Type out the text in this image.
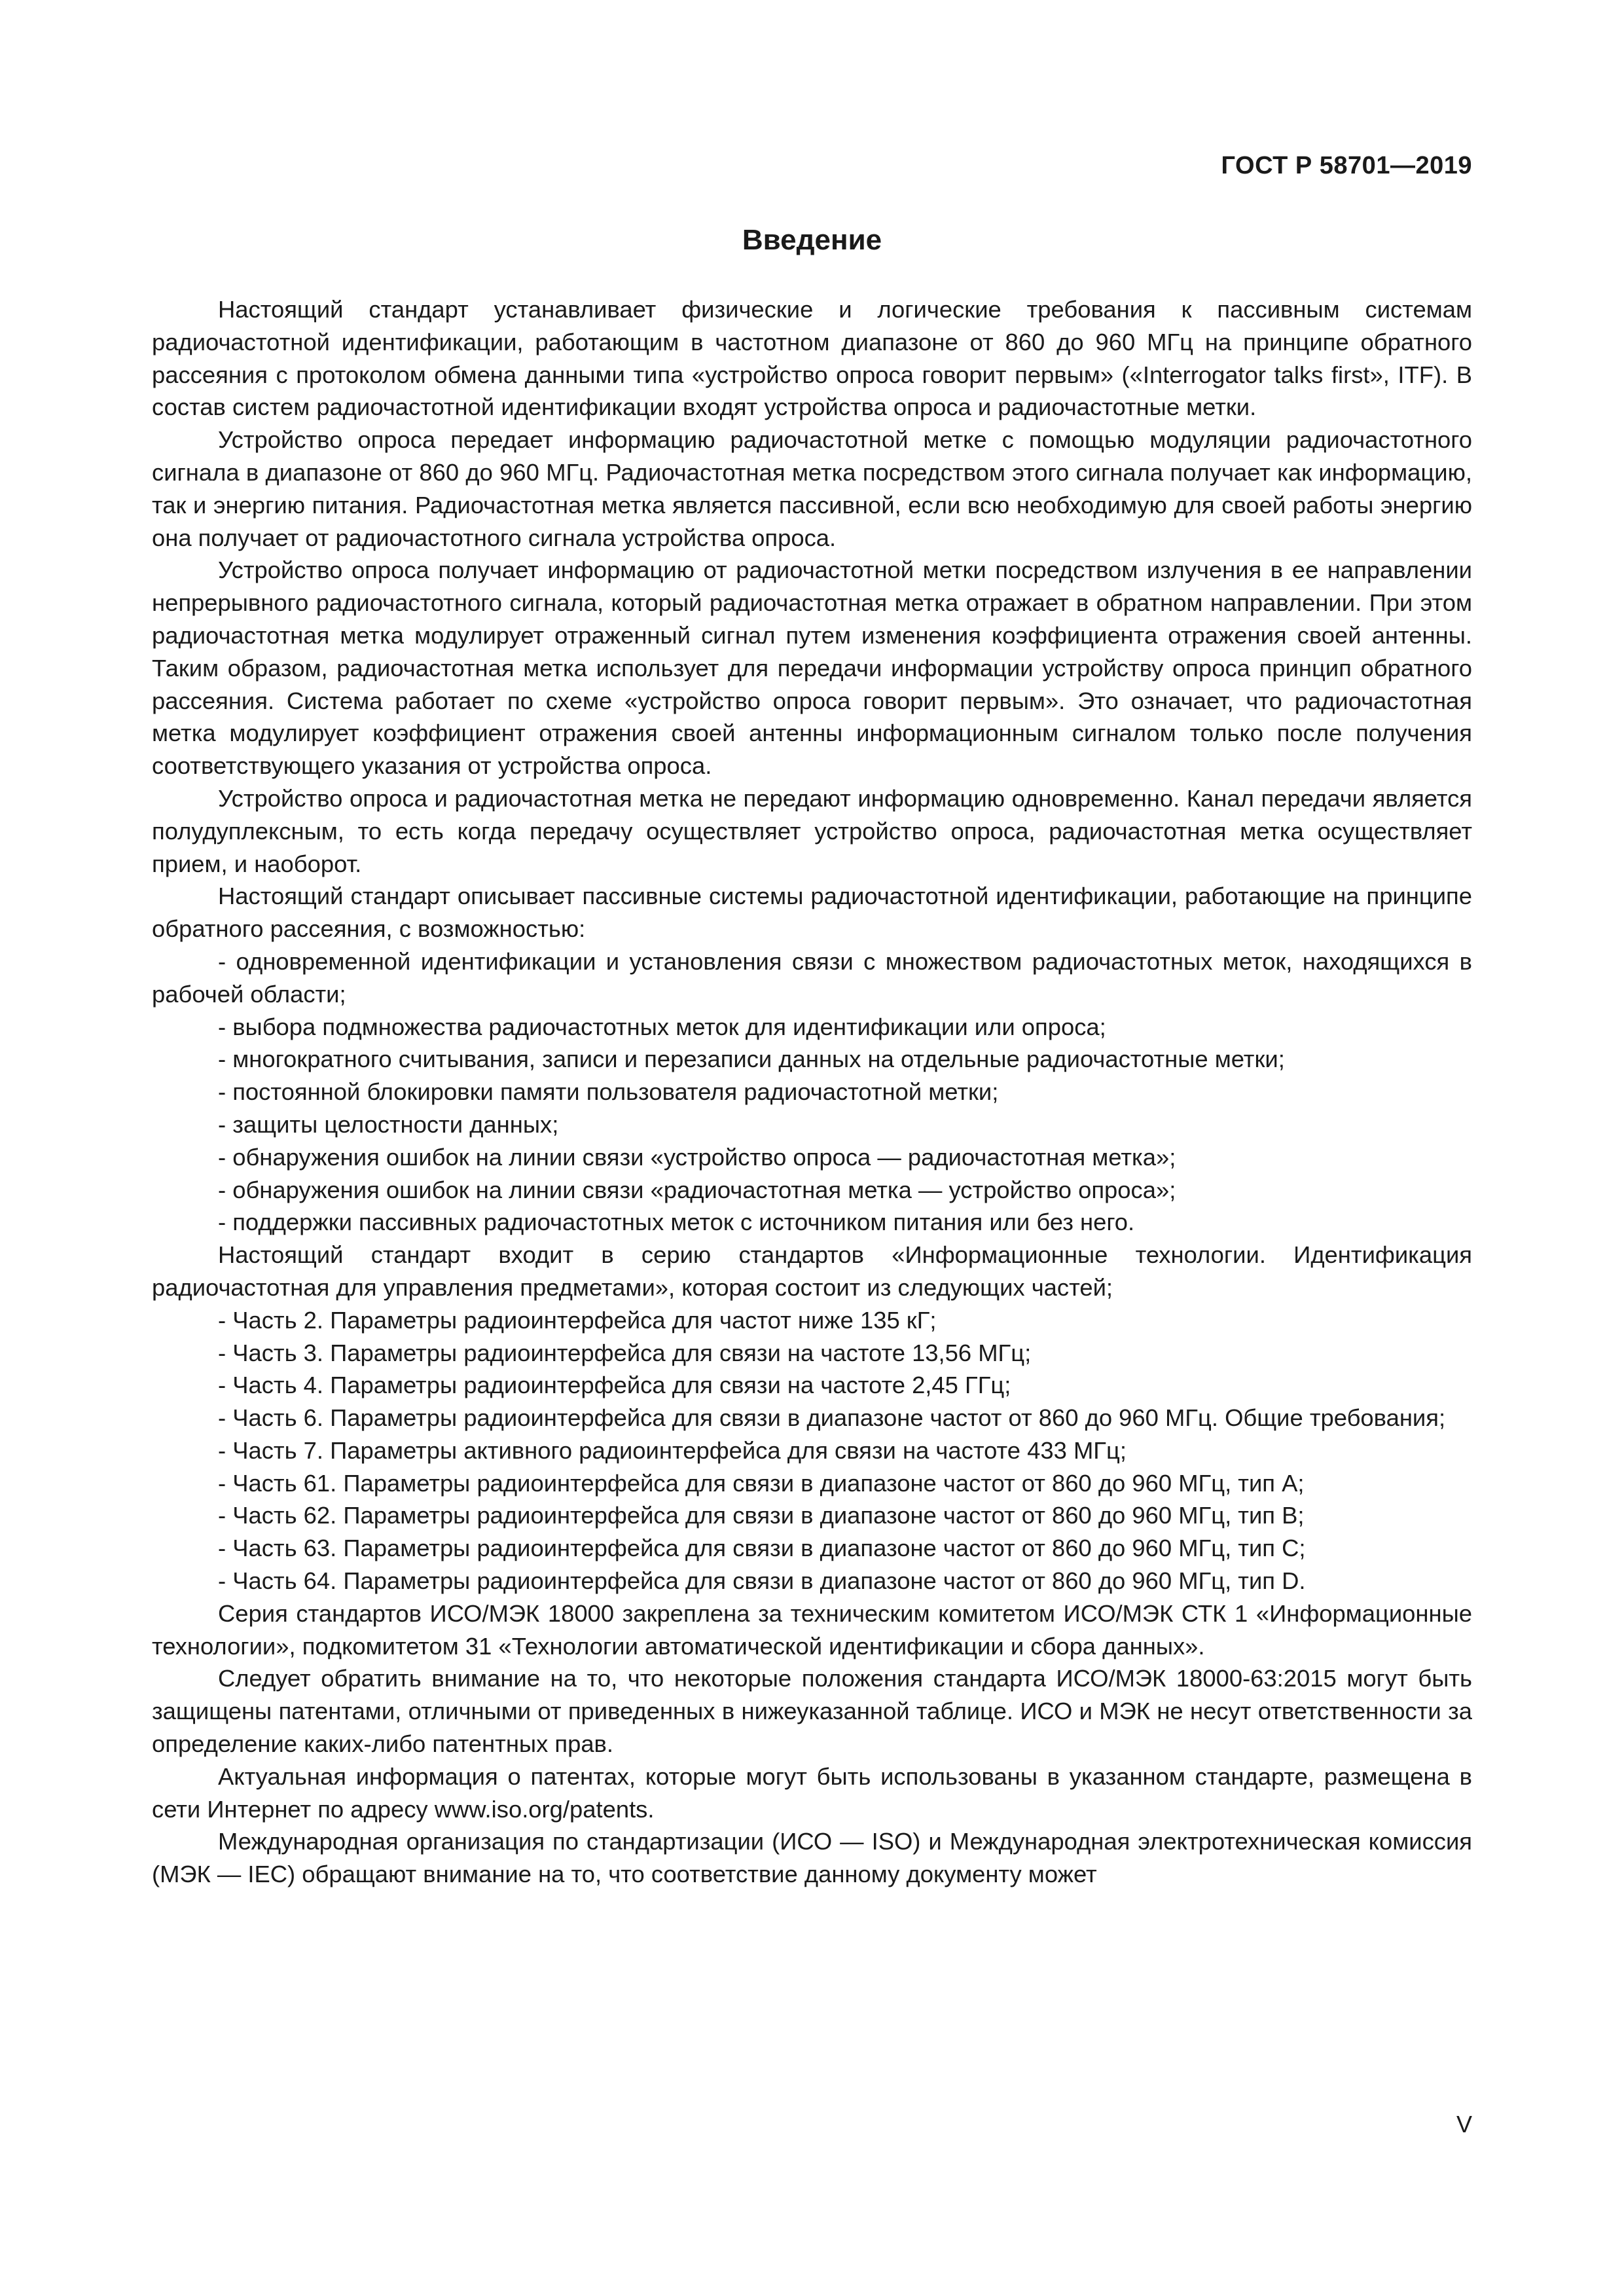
ГОСТ Р 58701—2019
Введение

Настоящий стандарт устанавливает физические и логические требования к пассивным системам радиочастотной идентификации, работающим в частотном диапазоне от 860 до 960 МГц на принципе обратного рассеяния с протоколом обмена данными типа «устройство опроса говорит первым» («Interrogator talks first», ITF). В состав систем радиочастотной идентификации входят устройства опроса и радиочастотные метки.

Устройство опроса передает информацию радиочастотной метке с помощью модуляции радиочастотного сигнала в диапазоне от 860 до 960 МГц. Радиочастотная метка посредством этого сигнала получает как информацию, так и энергию питания. Радиочастотная метка является пассивной, если всю необходимую для своей работы энергию она получает от радиочастотного сигнала устройства опроса.

Устройство опроса получает информацию от радиочастотной метки посредством излучения в ее направлении непрерывного радиочастотного сигнала, который радиочастотная метка отражает в обратном направлении. При этом радиочастотная метка модулирует отраженный сигнал путем изменения коэффициента отражения своей антенны. Таким образом, радиочастотная метка использует для передачи информации устройству опроса принцип обратного рассеяния. Система работает по схеме «устройство опроса говорит первым». Это означает, что радиочастотная метка модулирует коэффициент отражения своей антенны информационным сигналом только после получения соответствующего указания от устройства опроса.

Устройство опроса и радиочастотная метка не передают информацию одновременно. Канал передачи является полудуплексным, то есть когда передачу осуществляет устройство опроса, радиочастотная метка осуществляет прием, и наоборот.

Настоящий стандарт описывает пассивные системы радиочастотной идентификации, работающие на принципе обратного рассеяния, с возможностью:

- одновременной идентификации и установления связи с множеством радиочастотных меток, находящихся в рабочей области;

- выбора подмножества радиочастотных меток для идентификации или опроса;

- многократного считывания, записи и перезаписи данных на отдельные радиочастотные метки;

- постоянной блокировки памяти пользователя радиочастотной метки;

- защиты целостности данных;

- обнаружения ошибок на линии связи «устройство опроса — радиочастотная метка»;

- обнаружения ошибок на линии связи «радиочастотная метка — устройство опроса»;

- поддержки пассивных радиочастотных меток с источником питания или без него.

Настоящий стандарт входит в серию стандартов «Информационные технологии. Идентификация радиочастотная для управления предметами», которая состоит из следующих частей;

- Часть 2. Параметры радиоинтерфейса для частот ниже 135 кГ;

- Часть 3. Параметры радиоинтерфейса для связи на частоте 13,56 МГц;

- Часть 4. Параметры радиоинтерфейса для связи на частоте 2,45 ГГц;

- Часть 6. Параметры радиоинтерфейса для связи в диапазоне частот от 860 до 960 МГц. Общие требования;

- Часть 7. Параметры активного радиоинтерфейса для связи на частоте 433 МГц;

- Часть 61. Параметры радиоинтерфейса для связи в диапазоне частот от 860 до 960 МГц, тип А;

- Часть 62. Параметры радиоинтерфейса для связи в диапазоне частот от 860 до 960 МГц, тип В;

- Часть 63. Параметры радиоинтерфейса для связи в диапазоне частот от 860 до 960 МГц, тип С;

- Часть 64. Параметры радиоинтерфейса для связи в диапазоне частот от 860 до 960 МГц, тип D.

Серия стандартов ИСО/МЭК 18000 закреплена за техническим комитетом ИСО/МЭК СТК 1 «Информационные технологии», подкомитетом 31 «Технологии автоматической идентификации и сбора данных».

Следует обратить внимание на то, что некоторые положения стандарта ИСО/МЭК 18000-63:2015 могут быть защищены патентами, отличными от приведенных в нижеуказанной таблице. ИСО и МЭК не несут ответственности за определение каких-либо патентных прав.

Актуальная информация о патентах, которые могут быть использованы в указанном стандарте, размещена в сети Интернет по адресу www.iso.org/patents.

Международная организация по стандартизации (ИСО — ISO) и Международная электротехническая комиссия (МЭК — IEC) обращают внимание на то, что соответствие данному документу может

V
